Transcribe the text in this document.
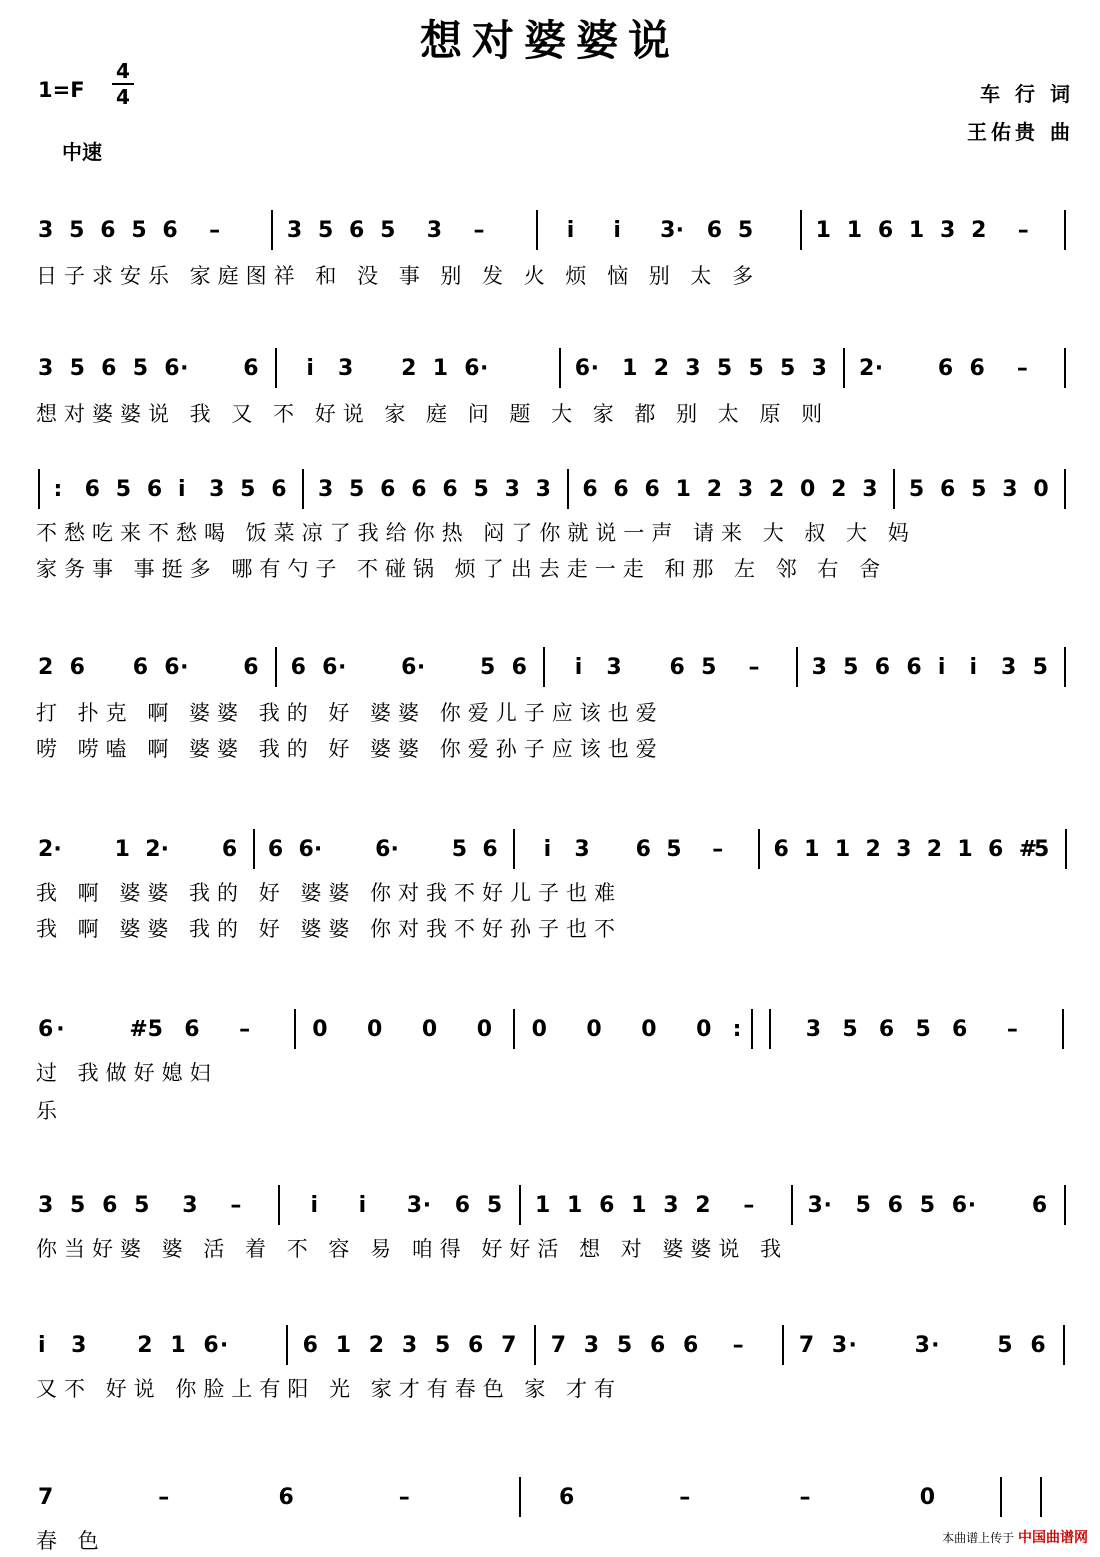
想对婆婆说
1=F
4
4
中速
车 行 词
王佑贵 曲
3 5 6 5 6 –	3 5 6 5 3 –	i i 3 · 6 5	1 1 6 1 3 2 –
日子求安乐 家庭图祥 和 没 事 别 发 火 烦 恼 别 太 多
3 5 6 5 6 · 6 i 3 2 1 6 ·	6 · 1 2 3 5 5 5 3 2 · 6 6 –
想对婆婆说 我 又 不 好说 家 庭 问 题 大 家 都 别 太 原 则
: 6 5 6 i 3 5 6 3 5 6 6 6 5 3 3 6 6 6 1 2 3 2 0 2 3 5 6 5 3 0
不愁吃来不愁喝 饭菜凉了我给你热 闷了你就说一声 请来 大 叔 大 妈
家务事 事挺多 哪有勺子 不碰锅 烦了出去走一走 和那 左 邻 右 舍
2 6 6 6 · 6 6 6 · 6 · 5 6 i 3 6 5 – 3 5 6 6 i i 3 5
打 扑克 啊 婆婆 我的 好 婆婆 你爱儿子应该也爱
唠 唠嗑 啊 婆婆 我的 好 婆婆 你爱孙子应该也爱
2 · 1 2 · 6 6 6 · 6 · 5 6 i 3 6 5 – 6 1 1 2 3 2 1 6 #
5
我 啊 婆婆 我的 好 婆婆 你对我不好儿子也难
我 啊 婆婆 我的 好 婆婆 你对我不好孙子也不
6 ·	# 5 6 –	0 0 0 0 0 0 0 0 :	3 5 6 5 6 –
过 我做好媳妇
乐
3 5 6 5 3 –	i i 3 · 6 5 1 1 6 1 3 2 – 3 · 5 6 5 6 ·	6
你当好婆 婆 活 着 不 容 易 咱得 好好活 想 对 婆婆说 我
i 3 2 1 6 ·	6 1 2 3 5 6 7 7 3 5 6 6 –	7 3 ·	3 ·	5 6
又不 好说 你脸上有阳 光 家才有春色 家 才有
7	–	6	–	6	–	–	0
春 色	本曲谱上传于 中国曲谱网
